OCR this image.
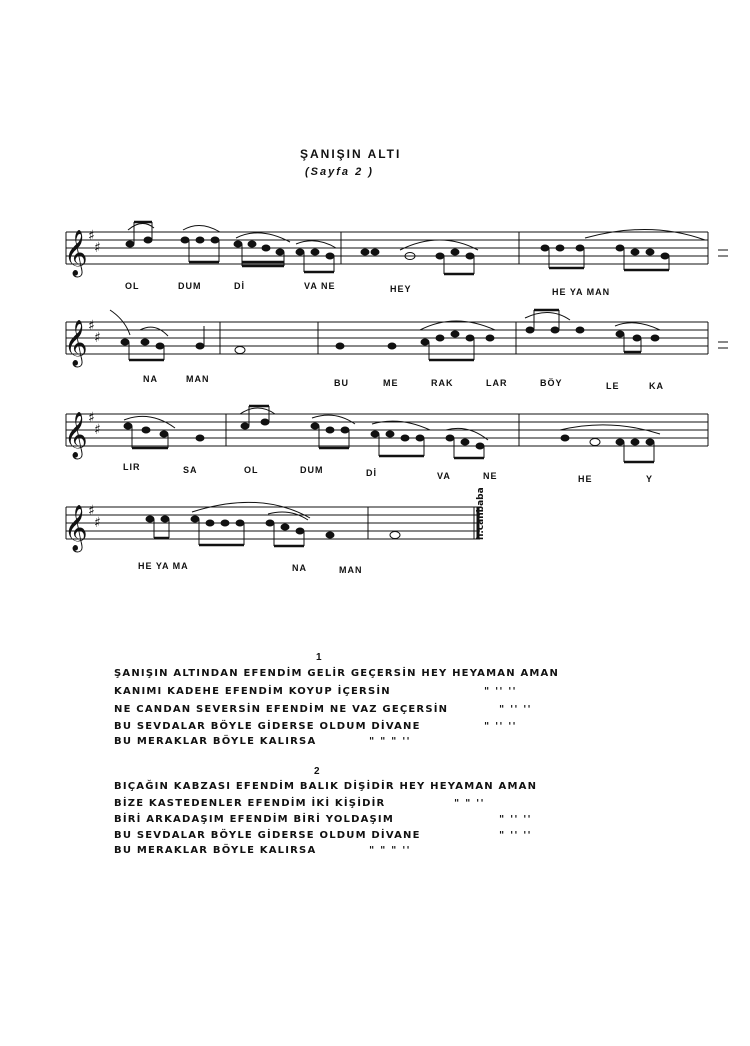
ŞANIŞIN ALTI
(Sayfa 2 )
𝄞
𝄞
𝄞
𝄞
♯
♯
♯
♯
♯
♯
♯
♯
OL	DUM	Dİ	VA NE	HEY	HE YA MAN
NA	MAN	BU	ME	RAK	LAR	BÖY	LE	KA
LIR	SA	OL	DUM	Dİ	VA	NE	HE	Y
HE YA MA	NA	MAN
h.canbaba
1
ŞANIŞIN ALTINDAN EFENDİM GELİR GEÇERSİN HEY HEYAMAN AMAN
KANIMI KADEHE EFENDİM KOYUP İÇERSİN	" '' ''
NE CANDAN SEVERSİN EFENDİM NE VAZ GEÇERSİN	" '' ''
BU SEVDALAR BÖYLE GİDERSE OLDUM DİVANE	" '' ''
BU MERAKLAR BÖYLE KALIRSA	" " " ''
2
BIÇAĞIN KABZASI EFENDİM BALIK DİŞİDİR HEY HEYAMAN AMAN
BİZE KASTEDENLER EFENDİM İKİ KİŞİDİR	" " ''
BİRİ ARKADAŞIM EFENDİM BİRİ YOLDAŞIM	" '' ''
BU SEVDALAR BÖYLE GİDERSE OLDUM DİVANE	" '' ''
BU MERAKLAR BÖYLE KALIRSA	" " " ''
